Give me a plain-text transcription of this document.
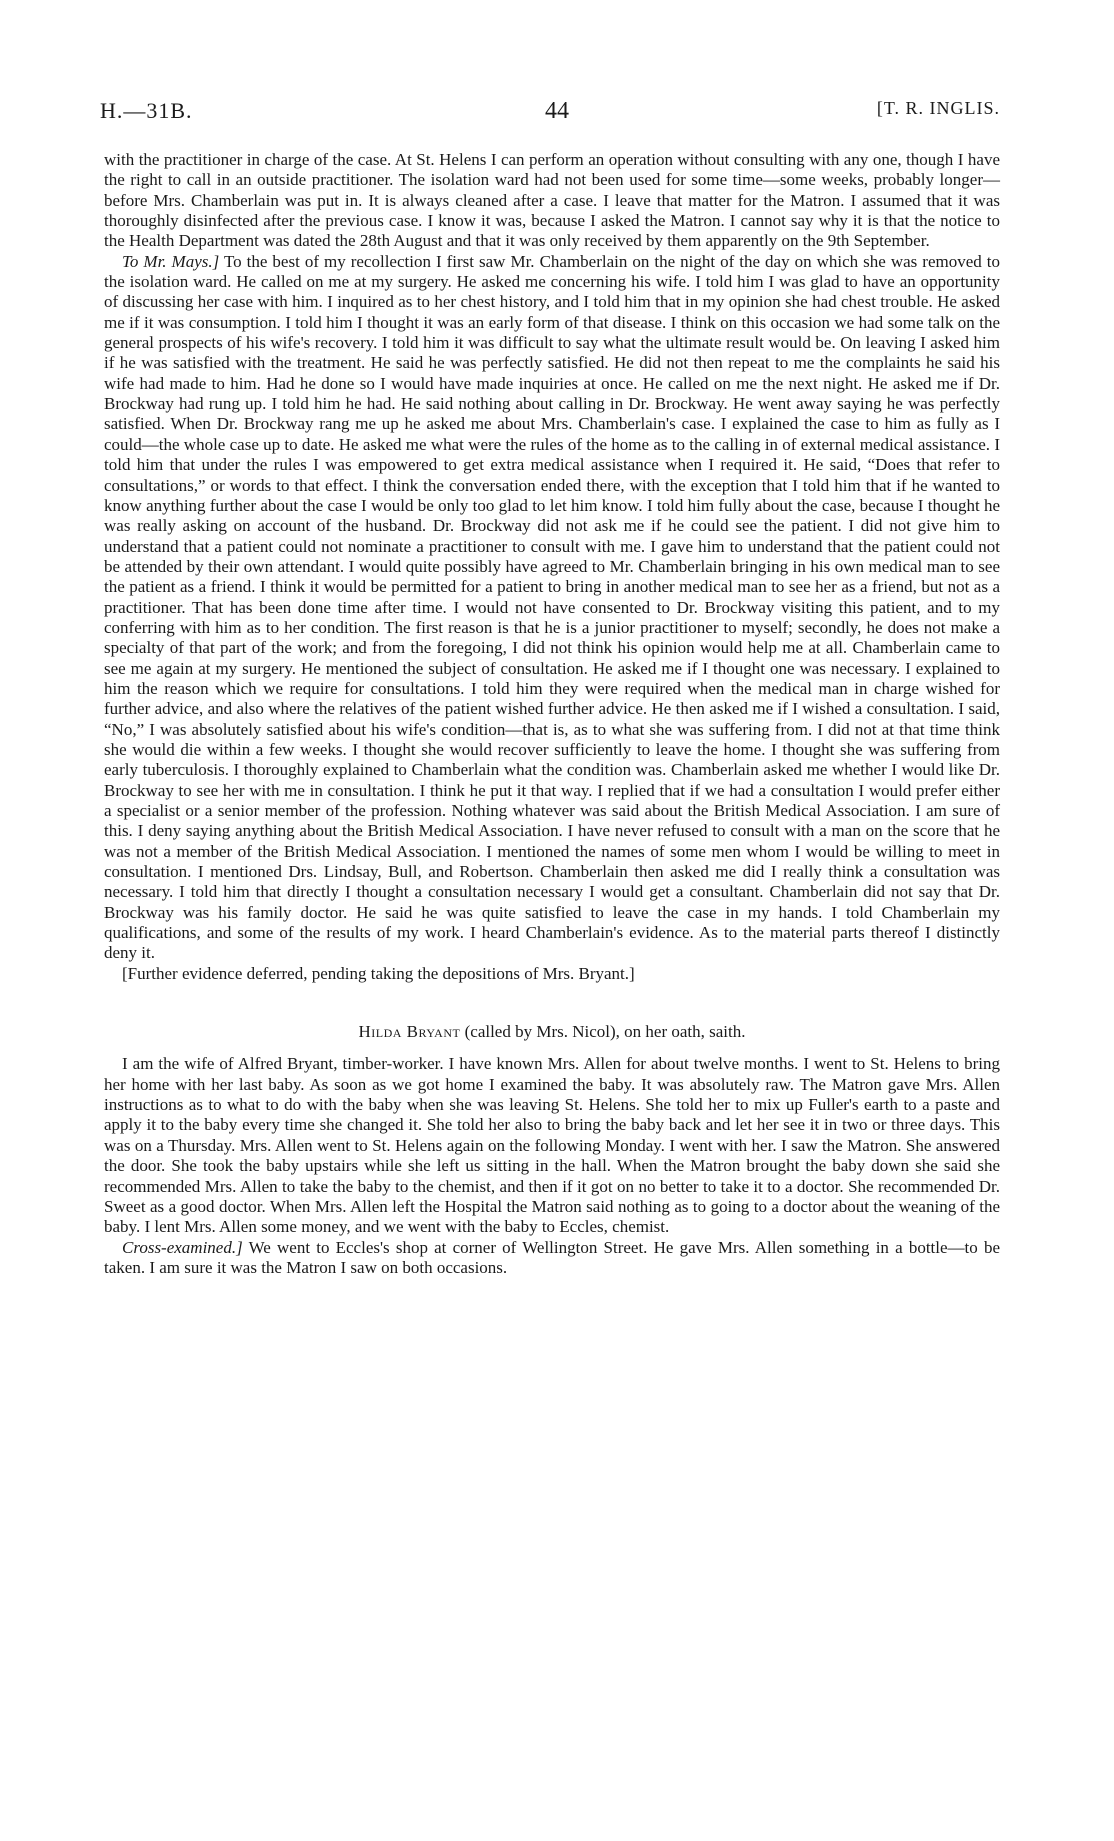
H.—31B.	44
[	T. R. INGLIS.

with the practitioner in charge of the case. At St. Helens I can perform an operation without consulting with any one, though I have the right to call in an outside practitioner. The isolation ward had not been used for some time—some weeks, probably longer—before Mrs. Chamberlain was put in. It is always cleaned after a case. I leave that matter for the Matron. I assumed that it was thoroughly disinfected after the previous case. I know it was, because I asked the Matron. I cannot say why it is that the notice to the Health Department was dated the 28th August and that it was only received by them apparently on the 9th September.

To Mr. Mays.] To the best of my recollection I first saw Mr. Chamberlain on the night of the day on which she was removed to the isolation ward. He called on me at my surgery. He asked me concerning his wife. I told him I was glad to have an opportunity of discussing her case with him. I inquired as to her chest history, and I told him that in my opinion she had chest trouble. He asked me if it was consumption. I told him I thought it was an early form of that disease. I think on this occasion we had some talk on the general prospects of his wife's recovery. I told him it was difficult to say what the ultimate result would be. On leaving I asked him if he was satisfied with the treatment. He said he was perfectly satisfied. He did not then repeat to me the complaints he said his wife had made to him. Had he done so I would have made inquiries at once. He called on me the next night. He asked me if Dr. Brockway had rung up. I told him he had. He said nothing about calling in Dr. Brockway. He went away saying he was perfectly satisfied. When Dr. Brockway rang me up he asked me about Mrs. Chamberlain's case. I explained the case to him as fully as I could—the whole case up to date. He asked me what were the rules of the home as to the calling in of external medical assistance. I told him that under the rules I was empowered to get extra medical assistance when I required it. He said, “Does that refer to consultations,” or words to that effect. I think the conversation ended there, with the exception that I told him that if he wanted to know anything further about the case I would be only too glad to let him know. I told him fully about the case, because I thought he was really asking on account of the husband. Dr. Brockway did not ask me if he could see the patient. I did not give him to understand that a patient could not nominate a practitioner to consult with me. I gave him to understand that the patient could not be attended by their own attendant. I would quite possibly have agreed to Mr. Chamberlain bringing in his own medical man to see the patient as a friend. I think it would be permitted for a patient to bring in another medical man to see her as a friend, but not as a practitioner. That has been done time after time. I would not have consented to Dr. Brockway visiting this patient, and to my conferring with him as to her condition. The first reason is that he is a junior practitioner to myself; secondly, he does not make a specialty of that part of the work; and from the foregoing, I did not think his opinion would help me at all. Chamberlain came to see me again at my surgery. He mentioned the subject of consultation. He asked me if I thought one was necessary. I explained to him the reason which we require for consultations. I told him they were required when the medical man in charge wished for further advice, and also where the relatives of the patient wished further advice. He then asked me if I wished a consultation. I said, “No,” I was absolutely satisfied about his wife's condition—that is, as to what she was suffering from. I did not at that time think she would die within a few weeks. I thought she would recover sufficiently to leave the home. I thought she was suffering from early tuberculosis. I thoroughly explained to Chamberlain what the condition was. Chamberlain asked me whether I would like Dr. Brockway to see her with me in consultation. I think he put it that way. I replied that if we had a consultation I would prefer either a specialist or a senior member of the profession. Nothing whatever was said about the British Medical Association. I am sure of this. I deny saying anything about the British Medical Association. I have never refused to consult with a man on the score that he was not a member of the British Medical Association. I mentioned the names of some men whom I would be willing to meet in consultation. I mentioned Drs. Lindsay, Bull, and Robertson. Chamberlain then asked me did I really think a consultation was necessary. I told him that directly I thought a consultation necessary I would get a consultant. Chamberlain did not say that Dr. Brockway was his family doctor. He said he was quite satisfied to leave the case in my hands. I told Chamberlain my qualifications, and some of the results of my work. I heard Chamberlain's evidence. As to the material parts thereof I distinctly deny it.

[Further evidence deferred, pending taking the depositions of Mrs. Bryant.]

Hilda Bryant (called by Mrs. Nicol), on her oath, saith.

I am the wife of Alfred Bryant, timber-worker. I have known Mrs. Allen for about twelve months. I went to St. Helens to bring her home with her last baby. As soon as we got home I examined the baby. It was absolutely raw. The Matron gave Mrs. Allen instructions as to what to do with the baby when she was leaving St. Helens. She told her to mix up Fuller's earth to a paste and apply it to the baby every time she changed it. She told her also to bring the baby back and let her see it in two or three days. This was on a Thursday. Mrs. Allen went to St. Helens again on the following Monday. I went with her. I saw the Matron. She answered the door. She took the baby upstairs while she left us sitting in the hall. When the Matron brought the baby down she said she recommended Mrs. Allen to take the baby to the chemist, and then if it got on no better to take it to a doctor. She recommended Dr. Sweet as a good doctor. When Mrs. Allen left the Hospital the Matron said nothing as to going to a doctor about the weaning of the baby. I lent Mrs. Allen some money, and we went with the baby to Eccles, chemist.

Cross-examined.] We went to Eccles's shop at corner of Wellington Street. He gave Mrs. Allen something in a bottle—to be taken. I am sure it was the Matron I saw on both occasions.
